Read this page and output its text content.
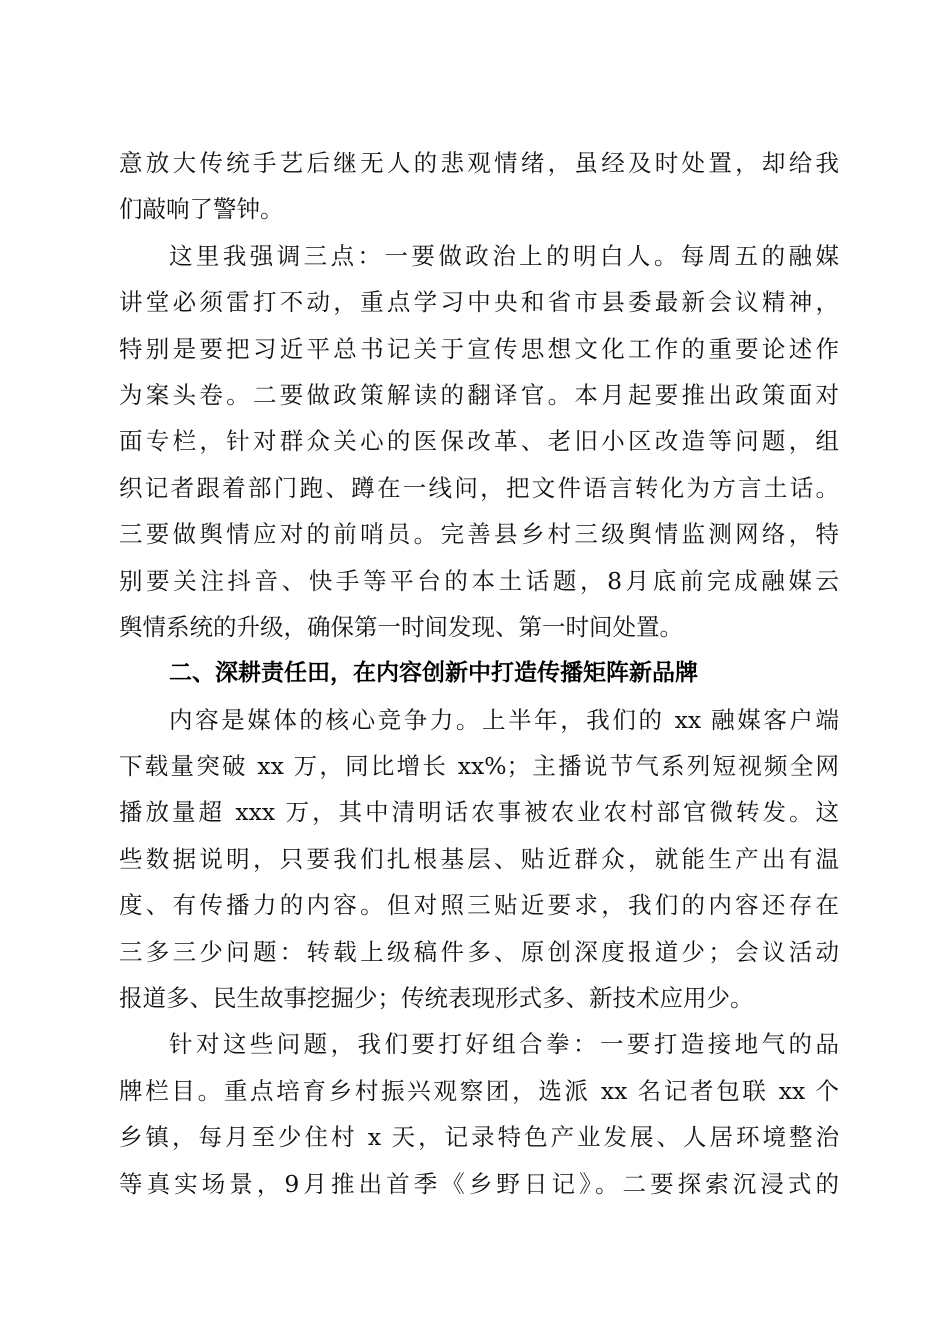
意放大传统手艺后继无人的悲观情绪，虽经及时处置，却给我
们敲响了警钟。
这里我强调三点：一要做政治上的明白人。每周五的融媒
讲堂必须雷打不动，重点学习中央和省市县委最新会议精神，
特别是要把习近平总书记关于宣传思想文化工作的重要论述作
为案头卷。二要做政策解读的翻译官。本月起要推出政策面对
面专栏，针对群众关心的医保改革、老旧小区改造等问题，组
织记者跟着部门跑、蹲在一线问，把文件语言转化为方言土话。
三要做舆情应对的前哨员。完善县乡村三级舆情监测网络，特
别要关注抖音、快手等平台的本土话题，8月底前完成融媒云
舆情系统的升级，确保第一时间发现、第一时间处置。
二、深耕责任田，在内容创新中打造传播矩阵新品牌
内容是媒体的核心竞争力。上半年，我们的 xx 融媒客户端
下载量突破 xx 万，同比增长 xx%；主播说节气系列短视频全网
播放量超 xxx 万，其中清明话农事被农业农村部官微转发。这
些数据说明，只要我们扎根基层、贴近群众，就能生产出有温
度、有传播力的内容。但对照三贴近要求，我们的内容还存在
三多三少问题：转载上级稿件多、原创深度报道少；会议活动
报道多、民生故事挖掘少；传统表现形式多、新技术应用少。
针对这些问题，我们要打好组合拳：一要打造接地气的品
牌栏目。重点培育乡村振兴观察团，选派 xx 名记者包联 xx 个
乡镇，每月至少住村 x 天，记录特色产业发展、人居环境整治
等真实场景，9月推出首季《乡野日记》。二要探索沉浸式的
